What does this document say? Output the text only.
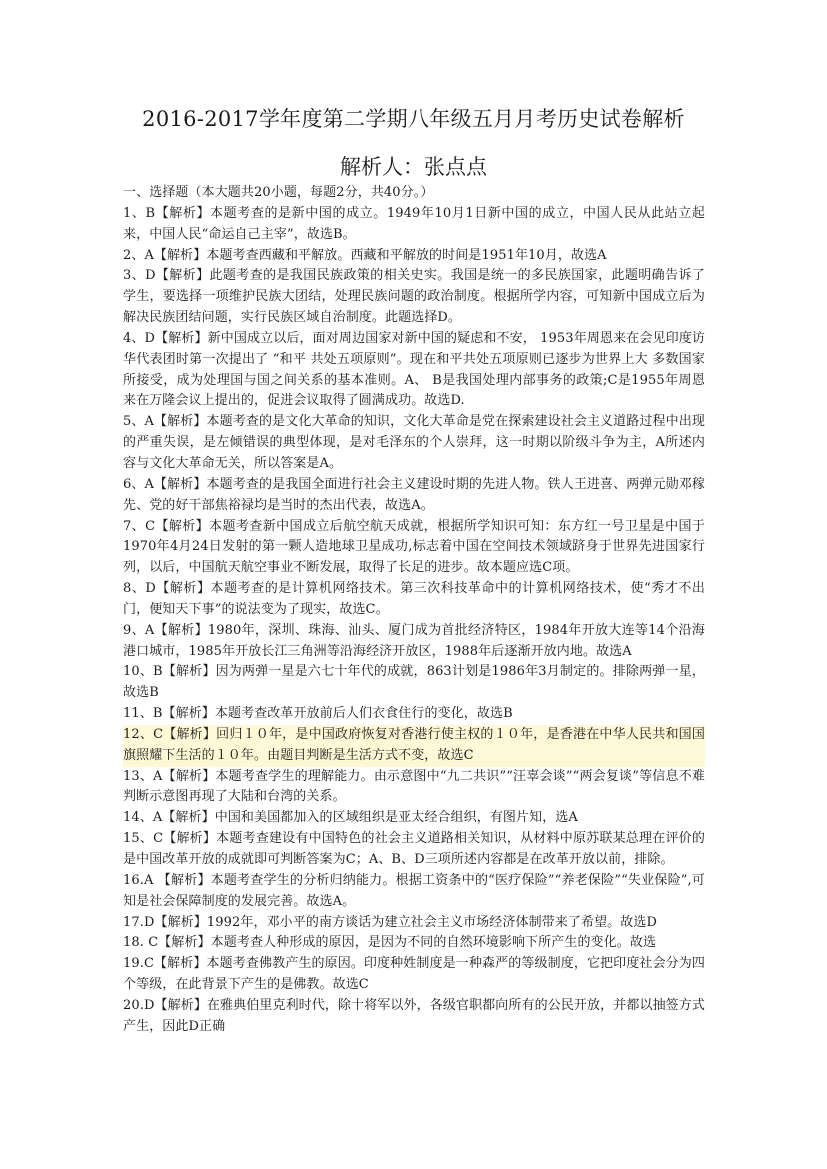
2016-2017学年度第二学期八年级五月月考历史试卷解析
解析人：张点点

一、选择题（本大题共20小题，每题2分，共40分。）

1、B【解析】本题考查的是新中国的成立。1949年10月1日新中国的成立，中国人民从此站立起来，中国人民“命运自己主宰”，故选B。

2、A【解析】本题考查西藏和平解放。西藏和平解放的时间是1951年10月，故选A

3、D【解析】此题考查的是我国民族政策的相关史实。我国是统一的多民族国家，此题明确告诉了学生，要选择一项维护民族大团结，处理民族问题的政治制度。根据所学内容，可知新中国成立后为解决民族团结问题，实行民族区域自治制度。此题选择D。

4、D【解析】新中国成立以后，面对周边国家对新中国的疑虑和不安， 1953年周恩来在会见印度访华代表团时第一次提出了 “和平 共处五项原则”。现在和平共处五项原则已逐步为世界上大 多数国家所接受，成为处理国与国之间关系的基本准则。A、 B是我国处理内部事务的政策;C是1955年周恩来在万隆会议上提出的，促进会议取得了圆满成功。故选D.

5、A【解析】本题考查的是文化大革命的知识，文化大革命是党在探索建设社会主义道路过程中出现的严重失误，是左倾错误的典型体现，是对毛泽东的个人崇拜，这一时期以阶级斗争为主，A所述内容与文化大革命无关，所以答案是A。

6、A【解析】本题考查的是我国全面进行社会主义建设时期的先进人物。铁人王进喜、两弹元勋邓稼先、党的好干部焦裕禄均是当时的杰出代表，故选A。

7、C【解析】本题考查新中国成立后航空航天成就，根据所学知识可知：东方红一号卫星是中国于1970年4月24日发射的第一颗人造地球卫星成功,标志着中国在空间技术领域跻身于世界先进国家行列，以后，中国航天航空事业不断发展，取得了长足的进步。故本题应选C项。

8、D【解析】本题考查的是计算机网络技术。第三次科技革命中的计算机网络技术，使“秀才不出门，便知天下事”的说法变为了现实，故选C。

9、A【解析】1980年，深圳、珠海、汕头、厦门成为首批经济特区，1984年开放大连等14个沿海港口城市，1985年开放长江三角洲等沿海经济开放区，1988年后逐渐开放内地。故选A

10、B【解析】因为两弹一星是六七十年代的成就，863计划是1986年3月制定的。排除两弹一星，故选B

11、B【解析】本题考查改革开放前后人们衣食住行的变化，故选B

12、C【解析】回归１０年，是中国政府恢复对香港行使主权的１０年，是香港在中华人民共和国国旗照耀下生活的１０年。由题目判断是生活方式不变，故选C

13、A【解析】本题考查学生的理解能力。由示意图中“九二共识”“汪辜会谈”“两会复谈”等信息不难判断示意图再现了大陆和台湾的关系。

14、A【解析】中国和美国都加入的区域组织是亚太经合组织，有图片知，选A

15、C【解析】本题考查建设有中国特色的社会主义道路相关知识，从材料中原苏联某总理在评价的是中国改革开放的成就即可判断答案为C；A、B、D三项所述内容都是在改革开放以前，排除。

16.A 【解析】本题考查学生的分析归纳能力。根据工资条中的“医疗保险”“养老保险”“失业保险”,可知是社会保障制度的发展完善。故选A。

17.D【解析】1992年，邓小平的南方谈话为建立社会主义市场经济体制带来了希望。故选D

18. C【解析】本题考查人种形成的原因，是因为不同的自然环境影响下所产生的变化。故选

19.C【解析】本题考查佛教产生的原因。印度种姓制度是一种森严的等级制度，它把印度社会分为四个等级，在此背景下产生的是佛教。故选C

20.D【解析】在雅典伯里克利时代，除十将军以外，各级官职都向所有的公民开放，并都以抽签方式产生，因此D正确
